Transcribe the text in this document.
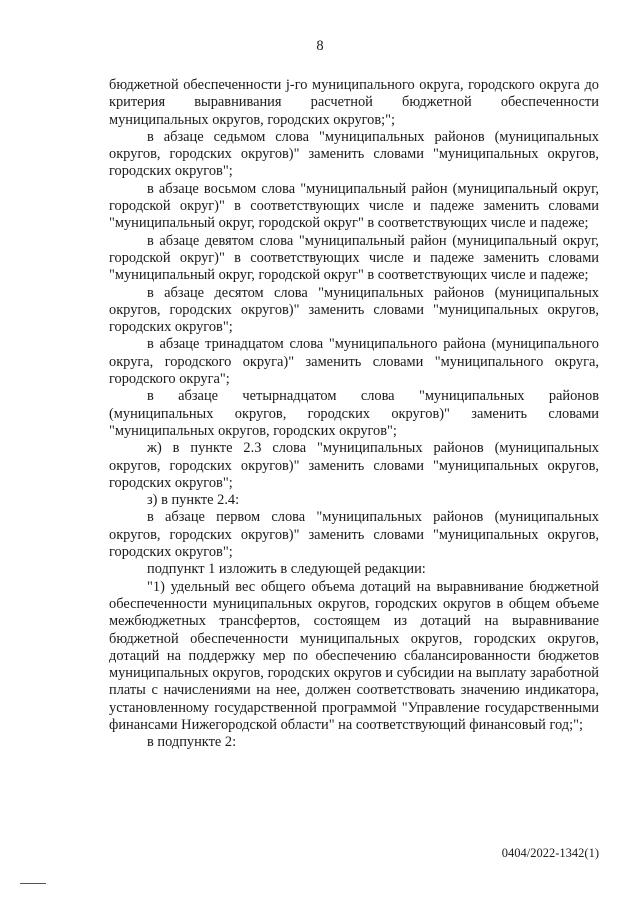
8

бюджетной обеспеченности j-го муниципального округа, городского округа до критерия выравнивания расчетной бюджетной обеспеченности муниципальных округов, городских округов;";

в абзаце седьмом слова "муниципальных районов (муниципальных округов, городских округов)" заменить словами "муниципальных округов, городских округов";

в абзаце восьмом слова "муниципальный район (муниципальный округ, городской округ)" в соответствующих числе и падеже заменить словами "муниципальный округ, городской округ" в соответствующих числе и падеже;

в абзаце девятом слова "муниципальный район (муниципальный округ, городской округ)" в соответствующих числе и падеже заменить словами "муниципальный округ, городской округ" в соответствующих числе и падеже;

в абзаце десятом слова "муниципальных районов (муниципальных округов, городских округов)" заменить словами "муниципальных округов, городских округов";

в абзаце тринадцатом слова "муниципального района (муниципального округа, городского округа)" заменить словами "муниципального округа, городского округа";

в абзаце четырнадцатом слова "муниципальных районов (муниципальных округов, городских округов)" заменить словами "муниципальных округов, городских округов";

ж) в пункте 2.3 слова "муниципальных районов (муниципальных округов, городских округов)" заменить словами "муниципальных округов, городских округов";

з) в пункте 2.4:

в абзаце первом слова "муниципальных районов (муниципальных округов, городских округов)" заменить словами "муниципальных округов, городских округов";

подпункт 1 изложить в следующей редакции:

"1) удельный вес общего объема дотаций на выравнивание бюджетной обеспеченности муниципальных округов, городских округов в общем объеме межбюджетных трансфертов, состоящем из дотаций на выравнивание бюджетной обеспеченности муниципальных округов, городских округов, дотаций на поддержку мер по обеспечению сбалансированности бюджетов муниципальных округов, городских округов и субсидии на выплату заработной платы с начислениями на нее, должен соответствовать значению индикатора, установленному государственной программой "Управление государственными финансами Нижегородской области" на соответствующий финансовый год;";

в подпункте 2:

0404/2022-1342(1)
